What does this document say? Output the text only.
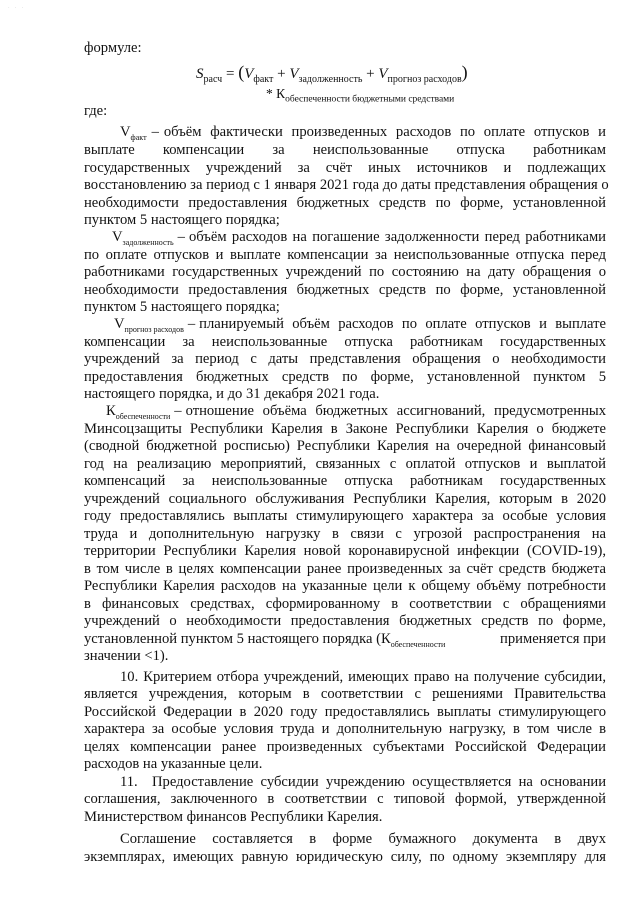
· · ·
формуле:
$S_{расч} = (V_{факт} + V_{задолженность} + V_{прогноз расходов})$
* $К_{обеспеченности бюджетными средствами}$
где:
$V_{факт}$ – объём фактически произведенных расходов по оплате отпусков и
выплате компенсации за неиспользованные отпуска работникам
государственных учреждений за счёт иных источников и подлежащих
восстановлению за период с 1 января 2021 года до даты представления обращения о
необходимости предоставления бюджетных средств по форме, установленной
пунктом 5 настоящего порядка;
$V_{задолженность}$ – объём расходов на погашение задолженности перед работниками
по оплате отпусков и выплате компенсации за неиспользованные отпуска перед
работниками государственных учреждений по состоянию на дату обращения о
необходимости предоставления бюджетных средств по форме, установленной
пунктом 5 настоящего порядка;
$V_{прогноз расходов}$ – планируемый объём расходов по оплате отпусков и выплате
компенсации за неиспользованные отпуска работникам государственных
учреждений за период с даты представления обращения о необходимости
предоставления бюджетных средств по форме, установленной пунктом 5
настоящего порядка, и до 31 декабря 2021 года.
$К_{обеспеченности}$ – отношение объёма бюджетных ассигнований, предусмотренных
Минсоцзащиты Республики Карелия в Законе Республики Карелия о бюджете
(сводной бюджетной росписью) Республики Карелия на очередной финансовый
год на реализацию мероприятий, связанных с оплатой отпусков и выплатой
компенсаций за неиспользованные отпуска работникам государственных
учреждений социального обслуживания Республики Карелия, которым в 2020
году предоставлялись выплаты стимулирующего характера за особые условия
труда и дополнительную нагрузку в связи с угрозой распространения на
территории Республики Карелия новой коронавирусной инфекции (COVID-19),
в том числе в целях компенсации ранее произведенных за счёт средств бюджета
Республики Карелия расходов на указанные цели к общему объёму потребности
в финансовых средствах, сформированному в соответствии с обращениями
учреждений о необходимости предоставления бюджетных средств по форме,
установленной пунктом 5 настоящего порядка ( $К_{обеспеченности}$	применяется при
значении <1).
10. Критерием отбора учреждений, имеющих право на получение субсидии,
является учреждения, которым в соответствии с решениями Правительства
Российской Федерации в 2020 году предоставлялись выплаты стимулирующего
характера за особые условия труда и дополнительную нагрузку, в том числе в
целях компенсации ранее произведенных субъектами Российской Федерации
расходов на указанные цели.
11. Предоставление субсидии учреждению осуществляется на основании
соглашения, заключенного в соответствии с типовой формой, утвержденной
Министерством финансов Республики Карелия.
Соглашение составляется в форме бумажного документа в двух
экземплярах, имеющих равную юридическую силу, по одному экземпляру для
